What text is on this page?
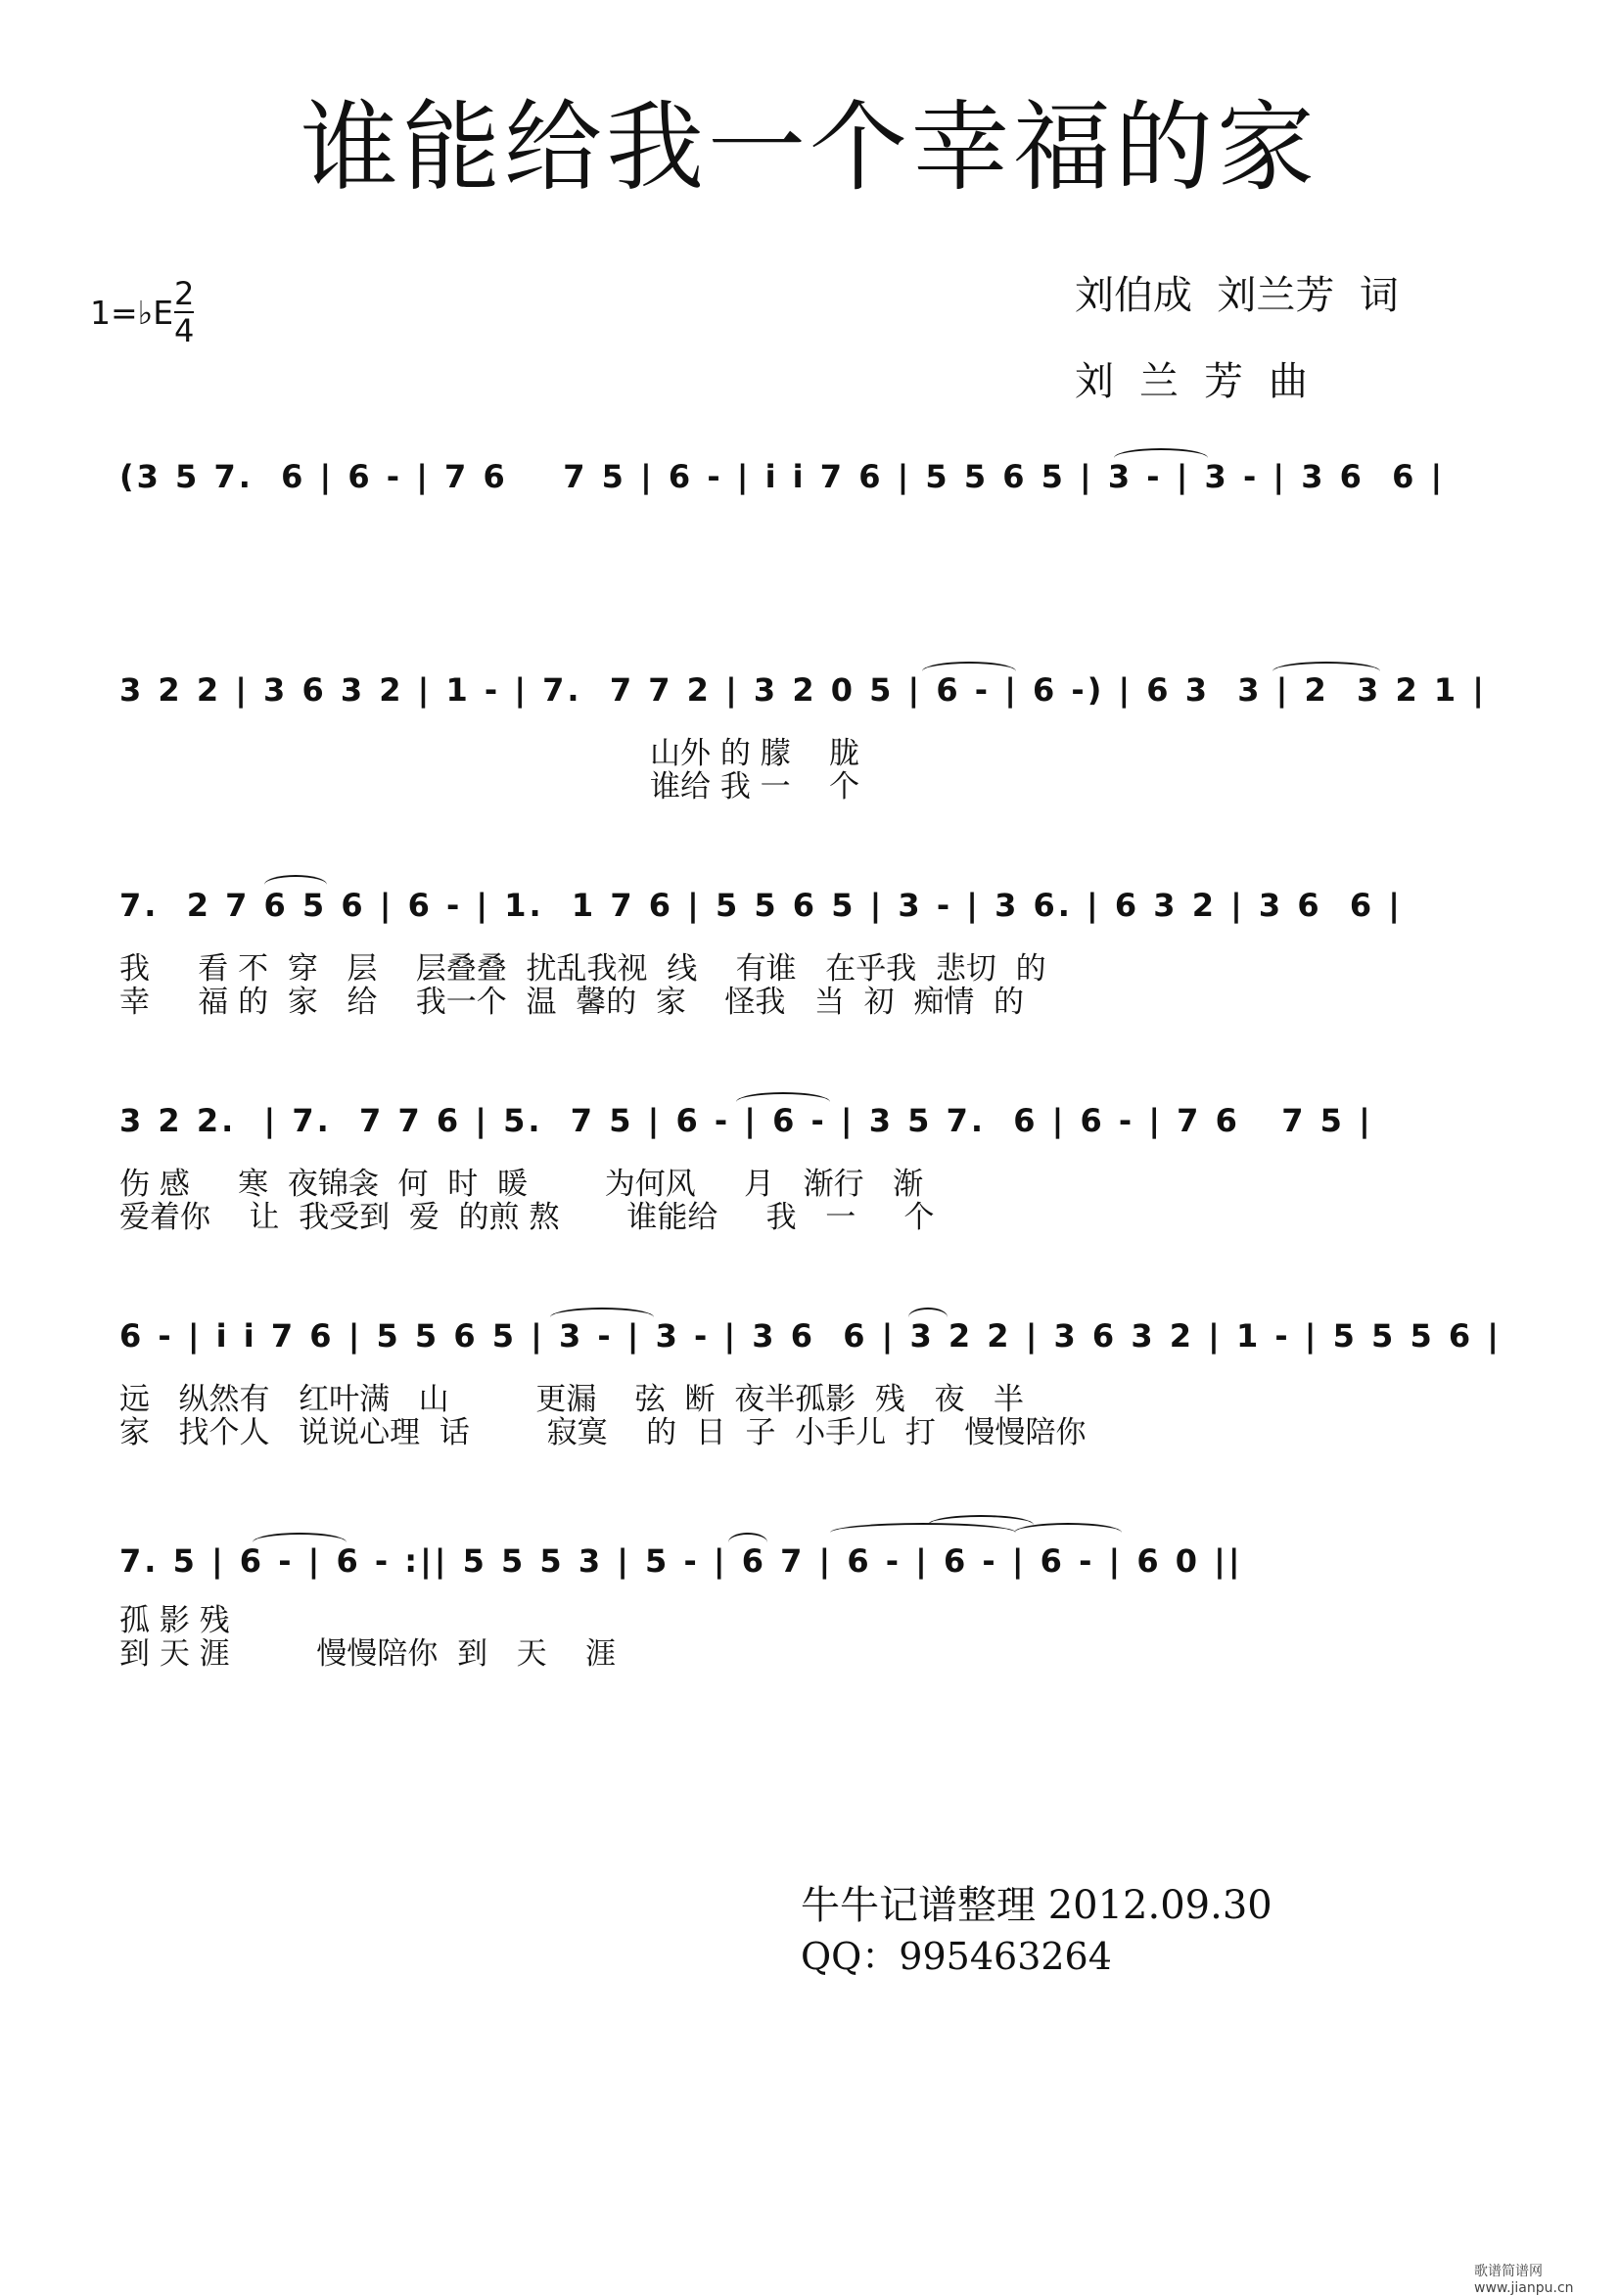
谁能给我一个幸福的家
1=♭E 2
4
刘伯成  刘兰芳  词
刘兰芳曲
(3 5 7.  6 | 6 - | 7 6    7 5 | 6 - | i i 7 6 | 5 5 6 5 | 3 - | 3 - | 3 6  6 |
3 2 2 | 3 6 3 2 | 1 - | 7.  7 7 2 | 3 2 0 5 | 6 - | 6 -) | 6 3  3 | 2  3 2 1 |
山外 的 朦    胧
谁给 我 一    个
7.  2 7 6 5 6 | 6 - | 1.  1 7 6 | 5 5 6 5 | 3 - | 3 6. | 6 3 2 | 3 6  6 |
我     看 不  穿   层    层叠叠  扰乱我视  线    有谁   在乎我  悲切  的
幸     福 的  家   给    我一个  温  馨的  家    怪我   当  初  痴情  的
3 2 2.  | 7.  7 7 6 | 5.  7 5 | 6 - | 6 - | 3 5 7.  6 | 6 - | 7 6   7 5 |
伤 感     寒  夜锦衾  何  时  暖        为何风     月   渐行   渐
爱着你    让  我受到  爱  的煎 熬       谁能给     我   一     个
6 - | i i 7 6 | 5 5 6 5 | 3 - | 3 - | 3 6  6 | 3 2 2 | 3 6 3 2 | 1 - | 5 5 5 6 |
远   纵然有   红叶满   山         更漏    弦  断  夜半孤影  残   夜   半
家   找个人   说说心理  话        寂寞    的  日  子  小手儿  打   慢慢陪你
7. 5 | 6 - | 6 - :|| 5 5 5 3 | 5 - | 6 7 | 6 - | 6 - | 6 - | 6 0 ||
孤 影 残
到 天 涯         慢慢陪你  到   天    涯
牛牛记谱整理 2012.09.30
QQ：995463264
歌谱简谱网 www.jianpu.cn
